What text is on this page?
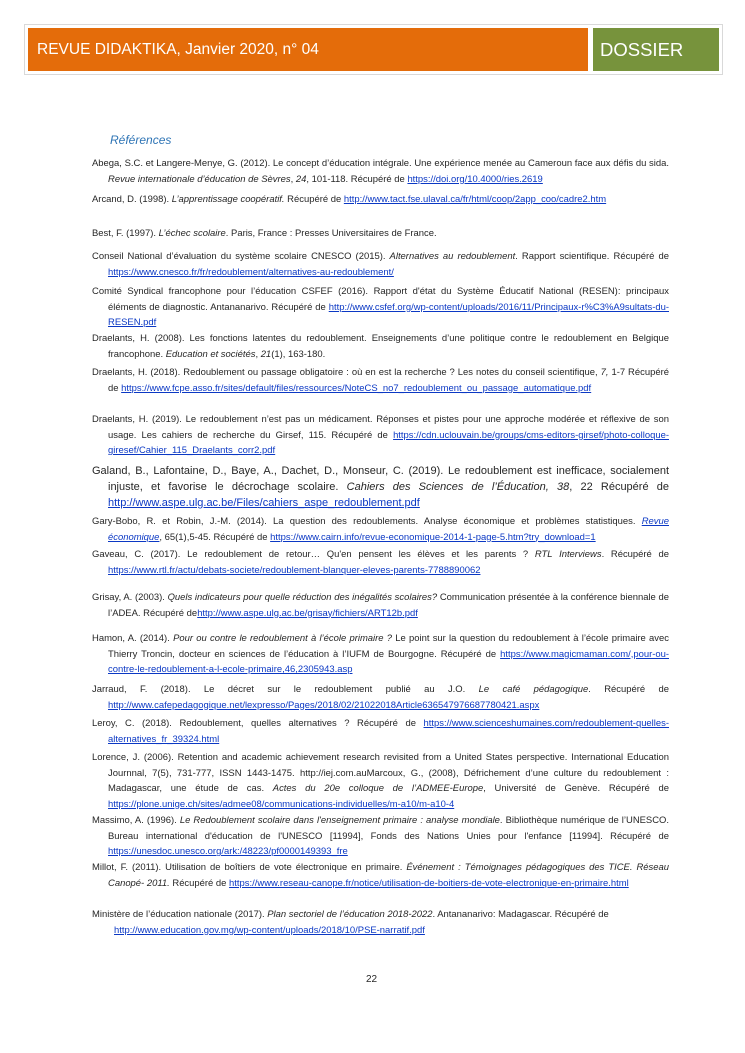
REVUE DIDAKTIKA, Janvier 2020, n° 04	DOSSIER
Références
Abega, S.C. et Langere-Menye, G. (2012). Le concept d’éducation intégrale. Une expérience menée au Cameroun face aux défis du sida. Revue internationale d’éducation de Sèvres, 24, 101-118. Récupéré de https://doi.org/10.4000/ries.2619
Arcand, D. (1998). L’apprentissage coopératif. Récupéré de http://www.tact.fse.ulaval.ca/fr/html/coop/2app_coo/cadre2.htm
Best, F. (1997). L’échec scolaire. Paris, France : Presses Universitaires de France.
Conseil National d’évaluation du système scolaire CNESCO (2015). Alternatives au redoublement. Rapport scientifique. Récupéré de https://www.cnesco.fr/fr/redoublement/alternatives-au-redoublement/
Comité Syndical francophone pour l’éducation CSFEF (2016). Rapport d'état du Système Éducatif National (RESEN): principaux éléments de diagnostic. Antananarivo. Récupéré de http://www.csfef.org/wp-content/uploads/2016/11/Principaux-r%C3%A9sultats-du-RESEN.pdf
Draelants, H. (2008). Les fonctions latentes du redoublement. Enseignements d’une politique contre le redoublement en Belgique francophone. Education et sociétés, 21(1), 163-180.
Draelants, H. (2018). Redoublement ou passage obligatoire : où en est la recherche ? Les notes du conseil scientifique, 7, 1-7 Récupéré de https://www.fcpe.asso.fr/sites/default/files/ressources/NoteCS_no7_redoublement_ou_passage_automatique.pdf
Draelants, H. (2019). Le redoublement n’est pas un médicament. Réponses et pistes pour une approche modérée et réflexive de son usage. Les cahiers de recherche du Girsef, 115. Récupéré de https://cdn.uclouvain.be/groups/cms-editors-girsef/photo-colloque-giresef/Cahier_115_Draelants_corr2.pdf
Galand, B., Lafontaine, D., Baye, A., Dachet, D., Monseur, C. (2019). Le redoublement est inefficace, socialement injuste, et favorise le décrochage scolaire. Cahiers des Sciences de l’Éducation, 38, 22 Récupéré de http://www.aspe.ulg.ac.be/Files/cahiers_aspe_redoublement.pdf
Gary-Bobo, R. et Robin, J.-M. (2014). La question des redoublements. Analyse économique et problèmes statistiques. Revue économique, 65(1),5-45. Récupéré de https://www.cairn.info/revue-economique-2014-1-page-5.htm?try_download=1
Gaveau, C. (2017). Le redoublement de retour… Qu'en pensent les élèves et les parents ? RTL Interviews. Récupéré de https://www.rtl.fr/actu/debats-societe/redoublement-blanquer-eleves-parents-7788890062
Grisay, A. (2003). Quels indicateurs pour quelle réduction des inégalités scolaires? Communication présentée à la conférence biennale de l’ADEA. Récupéré dehttp://www.aspe.ulg.ac.be/grisay/fichiers/ART12b.pdf
Hamon, A. (2014). Pour ou contre le redoublement à l’école primaire ? Le point sur la question du redoublement à l’école primaire avec Thierry Troncin, docteur en sciences de l’éducation à l’IUFM de Bourgogne. Récupéré de https://www.magicmaman.com/,pour-ou-contre-le-redoublement-a-l-ecole-primaire,46,2305943.asp
Jarraud, F. (2018). Le décret sur le redoublement publié au J.O. Le café pédagogique. Récupéré de http://www.cafepedagogique.net/lexpresso/Pages/2018/02/21022018Article636547976687780421.aspx
Leroy, C. (2018). Redoublement, quelles alternatives ? Récupéré de https://www.scienceshumaines.com/redoublement-quelles-alternatives_fr_39324.html
Lorence, J. (2006). Retention and academic achievement research revisited from a United States perspective. International Education Journnal, 7(5), 731-777, ISSN 1443-1475. http://iej.com.auMarcoux, G., (2008), Défrichement d’une culture du redoublement : Madagascar, une étude de cas. Actes du 20e colloque de l’ADMEE-Europe, Université de Genève. Récupéré de https://plone.unige.ch/sites/admee08/communications-individuelles/m-a10/m-a10-4
Massimo, A. (1996). Le Redoublement scolaire dans l'enseignement primaire : analyse mondiale. Bibliothèque numérique de l’UNESCO. Bureau international d'éducation de l'UNESCO [11994], Fonds des Nations Unies pour l'enfance [11994]. Récupéré de https://unesdoc.unesco.org/ark:/48223/pf0000149393_fre
Millot, F. (2011). Utilisation de boîtiers de vote électronique en primaire. Événement : Témoignages pédagogiques des TICE. Réseau Canopé- 2011. Récupéré de https://www.reseau-canope.fr/notice/utilisation-de-boitiers-de-vote-electronique-en-primaire.html
Ministère de l’éducation nationale (2017). Plan sectoriel de l’éducation 2018-2022. Antananarivo: Madagascar. Récupéré de
http://www.education.gov.mg/wp-content/uploads/2018/10/PSE-narratif.pdf
22
